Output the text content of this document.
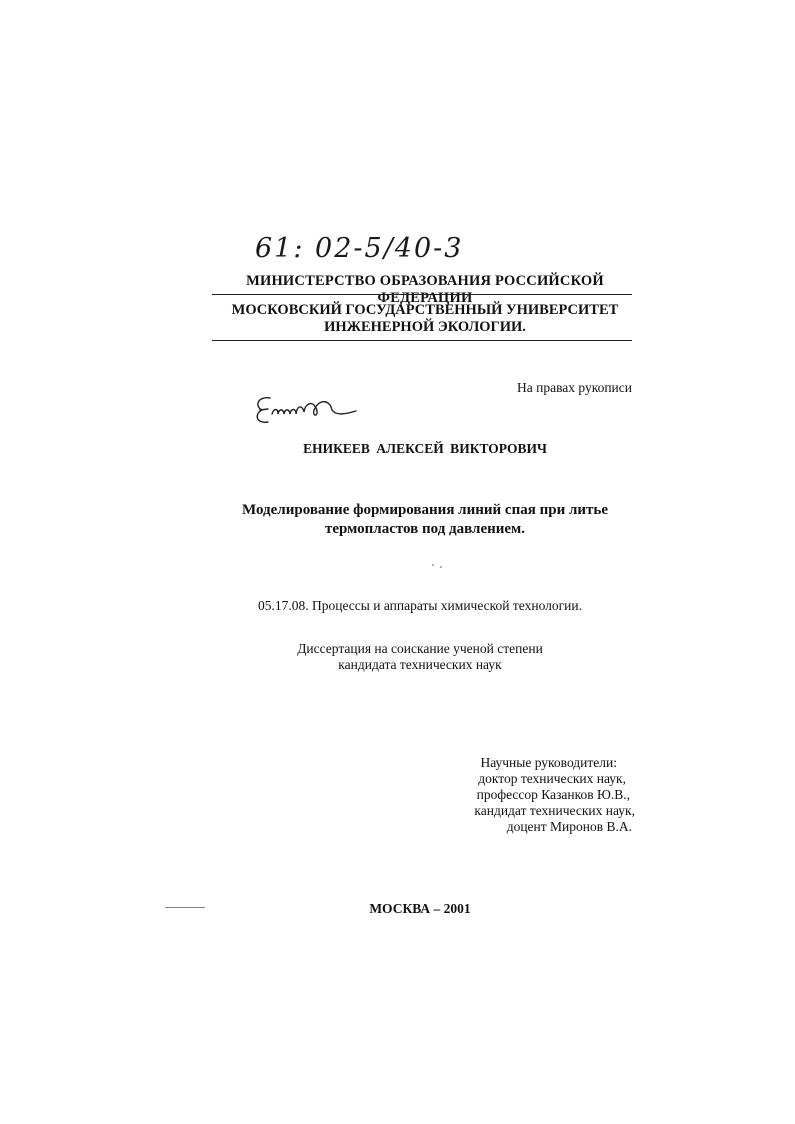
61: 02-5/40-3
МИНИСТЕРСТВО ОБРАЗОВАНИЯ РОССИЙСКОЙ ФЕДЕРАЦИИ
МОСКОВСКИЙ ГОСУДАРСТВЕННЫЙ УНИВЕРСИТЕТ
ИНЖЕНЕРНОЙ ЭКОЛОГИИ.
На правах рукописи
ЕНИКЕЕВ АЛЕКСЕЙ ВИКТОРОВИЧ
Моделирование формирования линий спая при литье
термопластов под давлением.
05.17.08. Процессы и аппараты химической технологии.
Диссертация на соискание ученой степени
кандидата технических наук
Научные руководители:
доктор технических наук,
профессор Казанков Ю.В.,
кандидат технических наук,
доцент Миронов В.А.
МОСКВА – 2001
